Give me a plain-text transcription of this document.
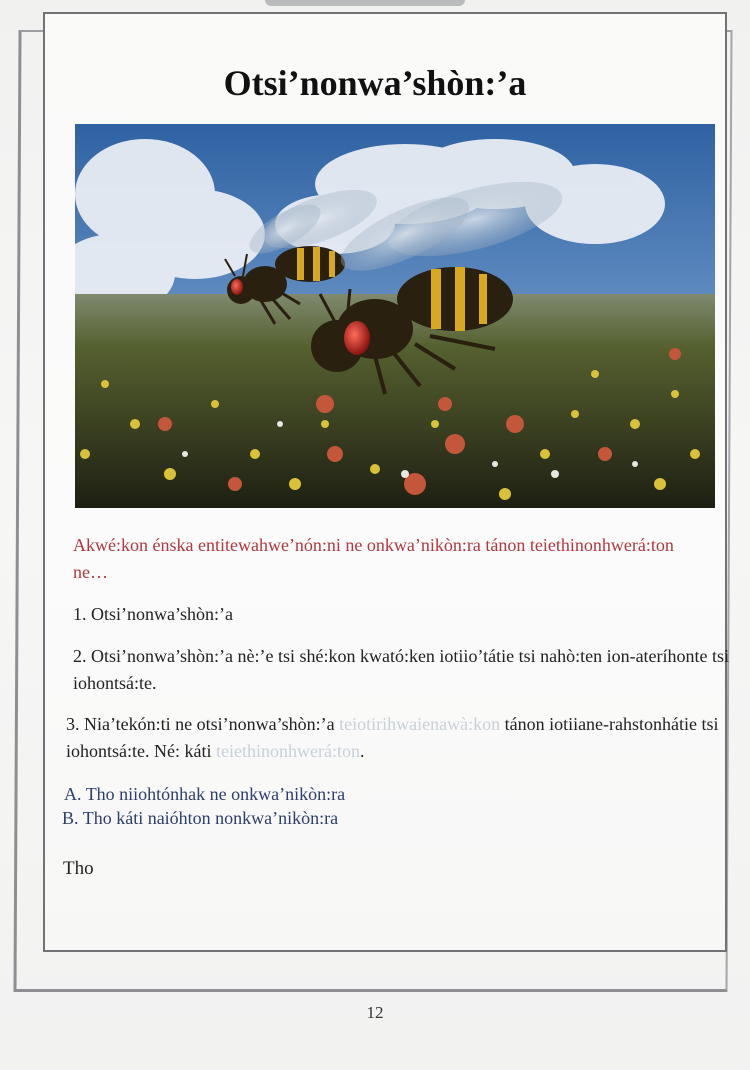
Otsi’nonwa’shòn:’a

Akwé:kon énska entitewahwe’nón:ni ne onkwa’nikòn:ra tánon teiethinonhwerá:ton ne…

1. Otsi’nonwa’shòn:’a

2. Otsi’nonwa’shòn:’a nè:’e tsi shé:kon kwató:ken iotiio’tátie tsi nahò:ten ion-ateríhonte tsi iohontsá:te.

3. Nia’tekón:ti ne otsi’nonwa’shòn:’a teiotirihwaienawà:kon tánon iotiiane-rahstonhátie tsi iohontsá:te. Né: káti teiethinonhwerá:ton.

A. Tho niiohtónhak ne onkwa’nikòn:ra

B. Tho káti naióhton nonkwa’nikòn:ra

Tho

12
